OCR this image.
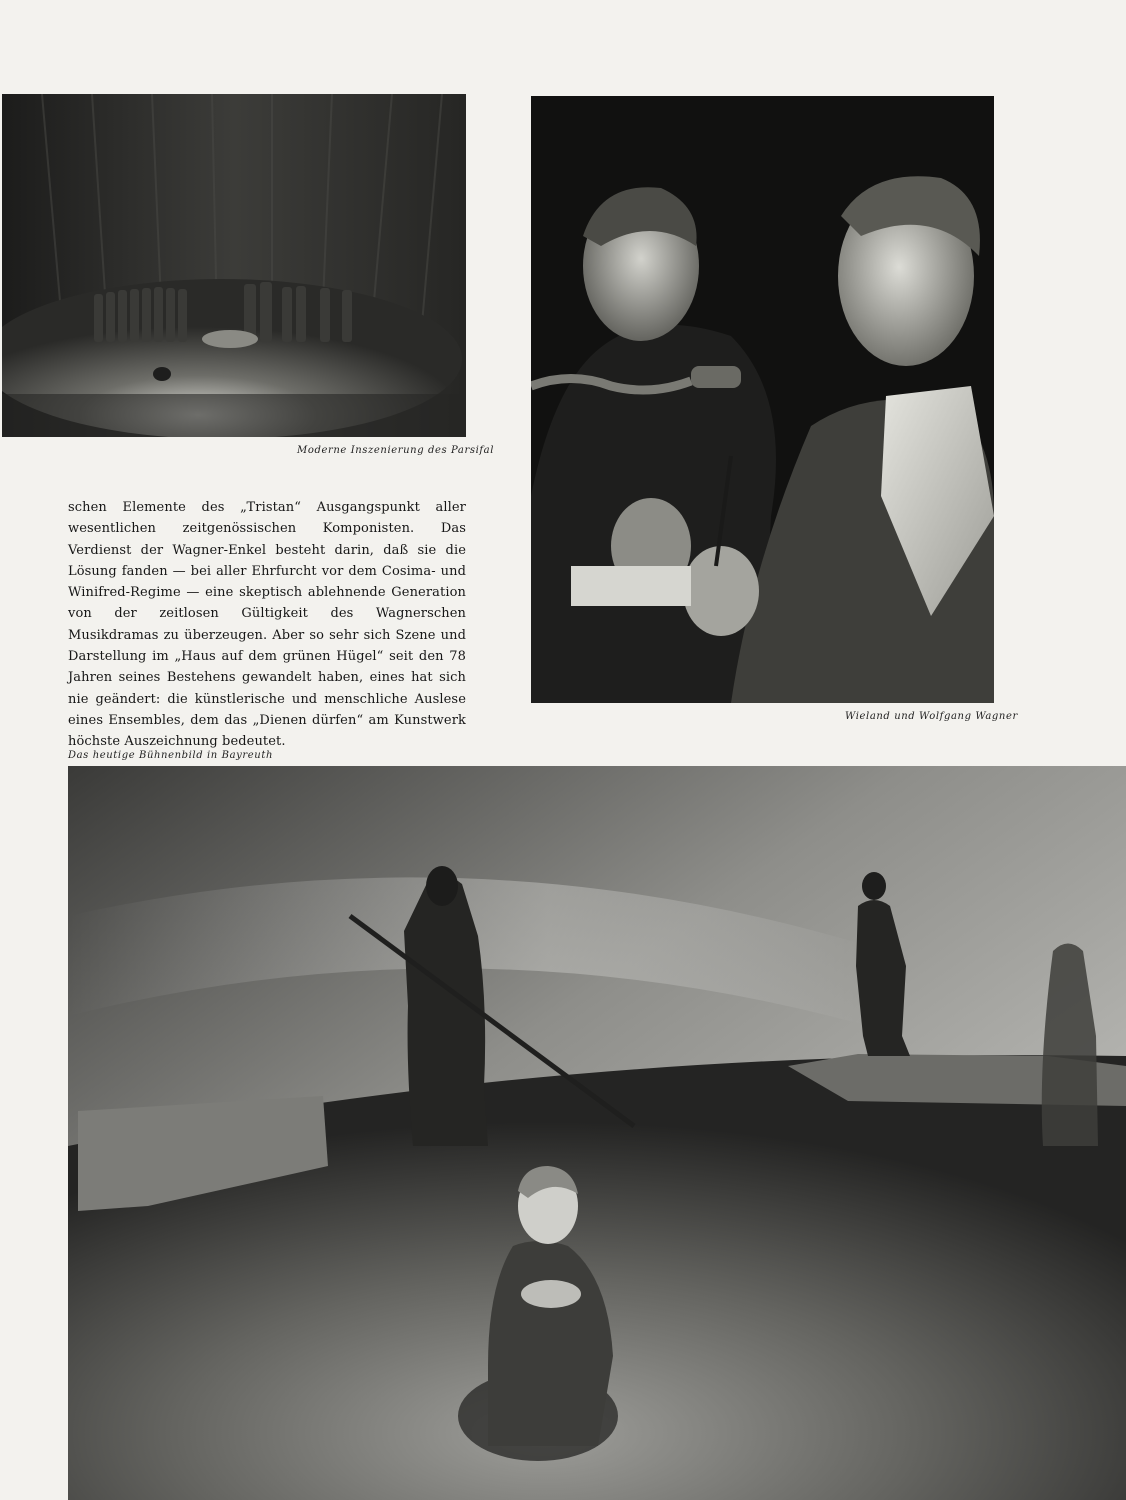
Moderne Inszenierung des Parsifal
Wieland und Wolfgang Wagner

schen Elemente des „Tristan“ Ausgangspunkt aller wesentlichen zeitgenössischen Komponisten. Das Verdienst der Wagner-Enkel besteht darin, daß sie die Lösung fanden — bei aller Ehrfurcht vor dem Cosima- und Winifred-Regime — eine skeptisch ablehnende Generation von der zeitlosen Gültigkeit des Wagnerschen Musikdramas zu überzeugen. Aber so sehr sich Szene und Darstellung im „Haus auf dem grünen Hügel“ seit den 78 Jahren seines Bestehens gewandelt haben, eines hat sich nie geändert: die künstlerische und menschliche Auslese eines Ensembles, dem das „Dienen dürfen“ am Kunstwerk höchste Auszeichnung bedeutet.

Das heutige Bühnenbild in Bayreuth
